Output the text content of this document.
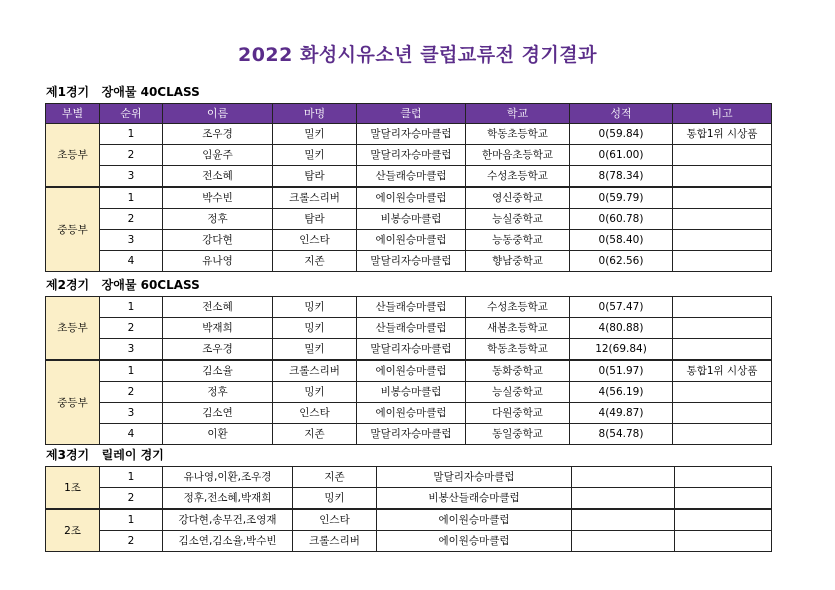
2022 화성시유소년 클럽교류전 경기결과
제1경기   장애물 40CLASS
부별	순위	이름	마명	클럽	학교	성적	비고
초등부	1	조우경	밀키	말달리자승마클럽	학동초등학교	0(59.84)	통합1위 시상품
	2	임윤주	밀키	말달리자승마클럽	한마음초등학교	0(61.00)	
	3	전소혜	탐라	산들래승마클럽	수성초등학교	8(78.34)	
중등부	1	박수빈	크롤스리버	에이원승마클럽	영신중학교	0(59.79)	
	2	정후	탐라	비봉승마클럽	능실중학교	0(60.78)	
	3	강다현	인스타	에이원승마클럽	능동중학교	0(58.40)	
	4	유나영	지존	말달리자승마클럽	향남중학교	0(62.56)	
제2경기   장애물 60CLASS
초등부	1	전소혜	밍키	산들래승마클럽	수성초등학교	0(57.47)	
	2	박재희	밍키	산들래승마클럽	새봄초등학교	4(80.88)	
	3	조우경	밀키	말달리자승마클럽	학동초등학교	12(69.84)	
중등부	1	김소율	크롤스리버	에이원승마클럽	동화중학교	0(51.97)	통합1위 시상품
	2	정후	밍키	비봉승마클럽	능실중학교	4(56.19)	
	3	김소연	인스타	에이원승마클럽	다원중학교	4(49.87)	
	4	이환	지존	말달리자승마클럽	동일중학교	8(54.78)	
제3경기   릴레이 경기
1조	1	유나영,이환,조우경	지존	말달리자승마클럽		
	2	정후,전소혜,박재희	밍키	비봉산들래승마클럽		
2조	1	강다현,송무건,조영재	인스타	에이원승마클럽		
	2	김소연,김소율,박수빈	크롤스리버	에이원승마클럽		
